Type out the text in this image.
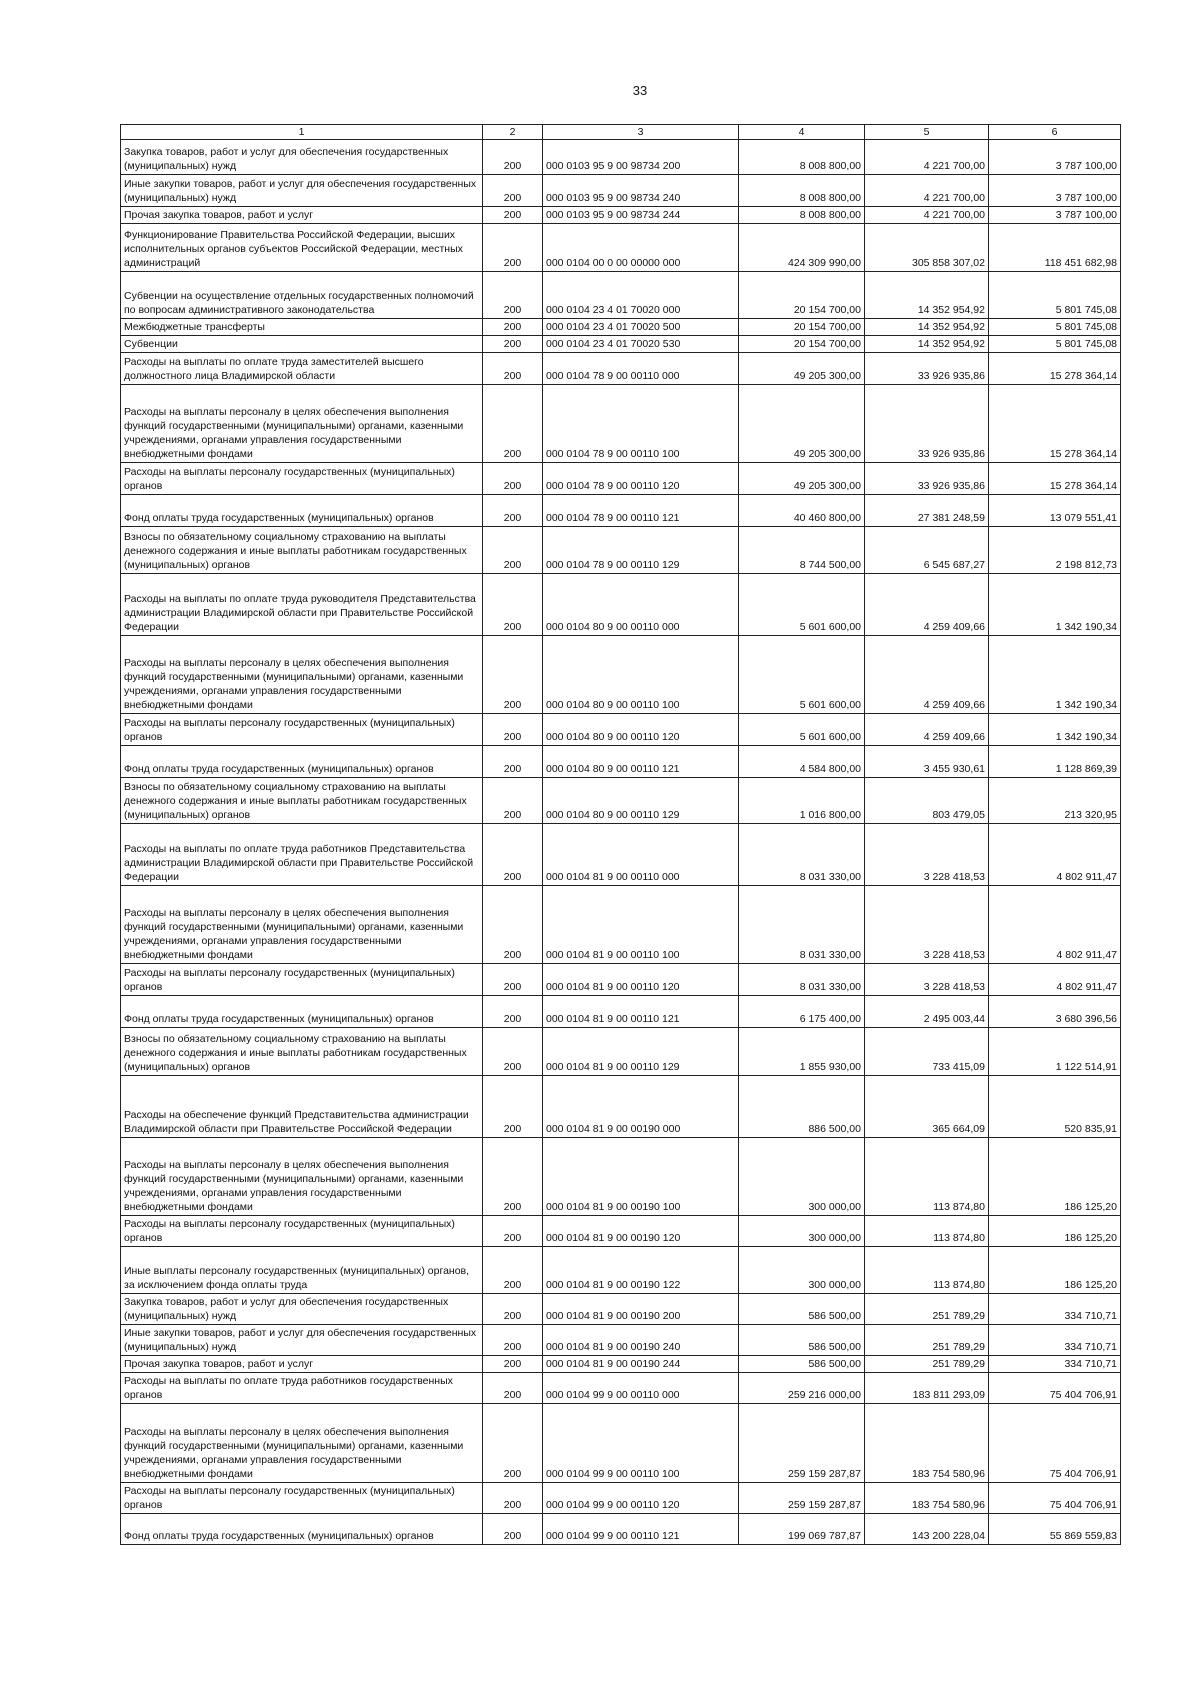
33
1	2	3	4	5	6
Закупка товаров, работ и услуг для обеспечения государственных (муниципальных) нужд	200	000 0103 95 9 00 98734 200	8 008 800,00	4 221 700,00	3 787 100,00
Иные закупки товаров, работ и услуг для обеспечения государственных (муниципальных) нужд	200	000 0103 95 9 00 98734 240	8 008 800,00	4 221 700,00	3 787 100,00
Прочая закупка товаров, работ и услуг	200	000 0103 95 9 00 98734 244	8 008 800,00	4 221 700,00	3 787 100,00
Функционирование Правительства Российской Федерации, высших исполнительных органов субъектов Российской Федерации, местных администраций	200	000 0104 00 0 00 00000 000	424 309 990,00	305 858 307,02	118 451 682,98
Субвенции на осуществление отдельных государственных полномочий по вопросам административного законодательства	200	000 0104 23 4 01 70020 000	20 154 700,00	14 352 954,92	5 801 745,08
Межбюджетные трансферты	200	000 0104 23 4 01 70020 500	20 154 700,00	14 352 954,92	5 801 745,08
Субвенции	200	000 0104 23 4 01 70020 530	20 154 700,00	14 352 954,92	5 801 745,08
Расходы на выплаты по оплате труда заместителей высшего должностного лица Владимирской области	200	000 0104 78 9 00 00110 000	49 205 300,00	33 926 935,86	15 278 364,14
Расходы на выплаты персоналу в целях обеспечения выполнения функций государственными (муниципальными) органами, казенными учреждениями, органами управления государственными внебюджетными фондами	200	000 0104 78 9 00 00110 100	49 205 300,00	33 926 935,86	15 278 364,14
Расходы на выплаты персоналу государственных (муниципальных) органов	200	000 0104 78 9 00 00110 120	49 205 300,00	33 926 935,86	15 278 364,14
Фонд оплаты труда государственных (муниципальных) органов	200	000 0104 78 9 00 00110 121	40 460 800,00	27 381 248,59	13 079 551,41
Взносы по обязательному социальному страхованию на выплаты денежного содержания и иные выплаты работникам государственных (муниципальных) органов	200	000 0104 78 9 00 00110 129	8 744 500,00	6 545 687,27	2 198 812,73
Расходы на выплаты по оплате труда руководителя Представительства администрации Владимирской области при Правительстве Российской Федерации	200	000 0104 80 9 00 00110 000	5 601 600,00	4 259 409,66	1 342 190,34
Расходы на выплаты персоналу в целях обеспечения выполнения функций государственными (муниципальными) органами, казенными учреждениями, органами управления государственными внебюджетными фондами	200	000 0104 80 9 00 00110 100	5 601 600,00	4 259 409,66	1 342 190,34
Расходы на выплаты персоналу государственных (муниципальных) органов	200	000 0104 80 9 00 00110 120	5 601 600,00	4 259 409,66	1 342 190,34
Фонд оплаты труда государственных (муниципальных) органов	200	000 0104 80 9 00 00110 121	4 584 800,00	3 455 930,61	1 128 869,39
Взносы по обязательному социальному страхованию на выплаты денежного содержания и иные выплаты работникам государственных (муниципальных) органов	200	000 0104 80 9 00 00110 129	1 016 800,00	803 479,05	213 320,95
Расходы на выплаты по оплате труда работников Представительства администрации Владимирской области при Правительстве Российской Федерации	200	000 0104 81 9 00 00110 000	8 031 330,00	3 228 418,53	4 802 911,47
Расходы на выплаты персоналу в целях обеспечения выполнения функций государственными (муниципальными) органами, казенными учреждениями, органами управления государственными внебюджетными фондами	200	000 0104 81 9 00 00110 100	8 031 330,00	3 228 418,53	4 802 911,47
Расходы на выплаты персоналу государственных (муниципальных) органов	200	000 0104 81 9 00 00110 120	8 031 330,00	3 228 418,53	4 802 911,47
Фонд оплаты труда государственных (муниципальных) органов	200	000 0104 81 9 00 00110 121	6 175 400,00	2 495 003,44	3 680 396,56
Взносы по обязательному социальному страхованию на выплаты денежного содержания и иные выплаты работникам государственных (муниципальных) органов	200	000 0104 81 9 00 00110 129	1 855 930,00	733 415,09	1 122 514,91
Расходы на обеспечение функций Представительства администрации Владимирской области при Правительстве Российской Федерации	200	000 0104 81 9 00 00190 000	886 500,00	365 664,09	520 835,91
Расходы на выплаты персоналу в целях обеспечения выполнения функций государственными (муниципальными) органами, казенными учреждениями, органами управления государственными внебюджетными фондами	200	000 0104 81 9 00 00190 100	300 000,00	113 874,80	186 125,20
Расходы на выплаты персоналу государственных (муниципальных) органов	200	000 0104 81 9 00 00190 120	300 000,00	113 874,80	186 125,20
Иные выплаты персоналу государственных (муниципальных) органов, за исключением фонда оплаты труда	200	000 0104 81 9 00 00190 122	300 000,00	113 874,80	186 125,20
Закупка товаров, работ и услуг для обеспечения государственных (муниципальных) нужд	200	000 0104 81 9 00 00190 200	586 500,00	251 789,29	334 710,71
Иные закупки товаров, работ и услуг для обеспечения государственных (муниципальных) нужд	200	000 0104 81 9 00 00190 240	586 500,00	251 789,29	334 710,71
Прочая закупка товаров, работ и услуг	200	000 0104 81 9 00 00190 244	586 500,00	251 789,29	334 710,71
Расходы на выплаты по оплате труда работников государственных органов	200	000 0104 99 9 00 00110 000	259 216 000,00	183 811 293,09	75 404 706,91
Расходы на выплаты персоналу в целях обеспечения выполнения функций государственными (муниципальными) органами, казенными учреждениями, органами управления государственными внебюджетными фондами	200	000 0104 99 9 00 00110 100	259 159 287,87	183 754 580,96	75 404 706,91
Расходы на выплаты персоналу государственных (муниципальных) органов	200	000 0104 99 9 00 00110 120	259 159 287,87	183 754 580,96	75 404 706,91
Фонд оплаты труда государственных (муниципальных) органов	200	000 0104 99 9 00 00110 121	199 069 787,87	143 200 228,04	55 869 559,83
